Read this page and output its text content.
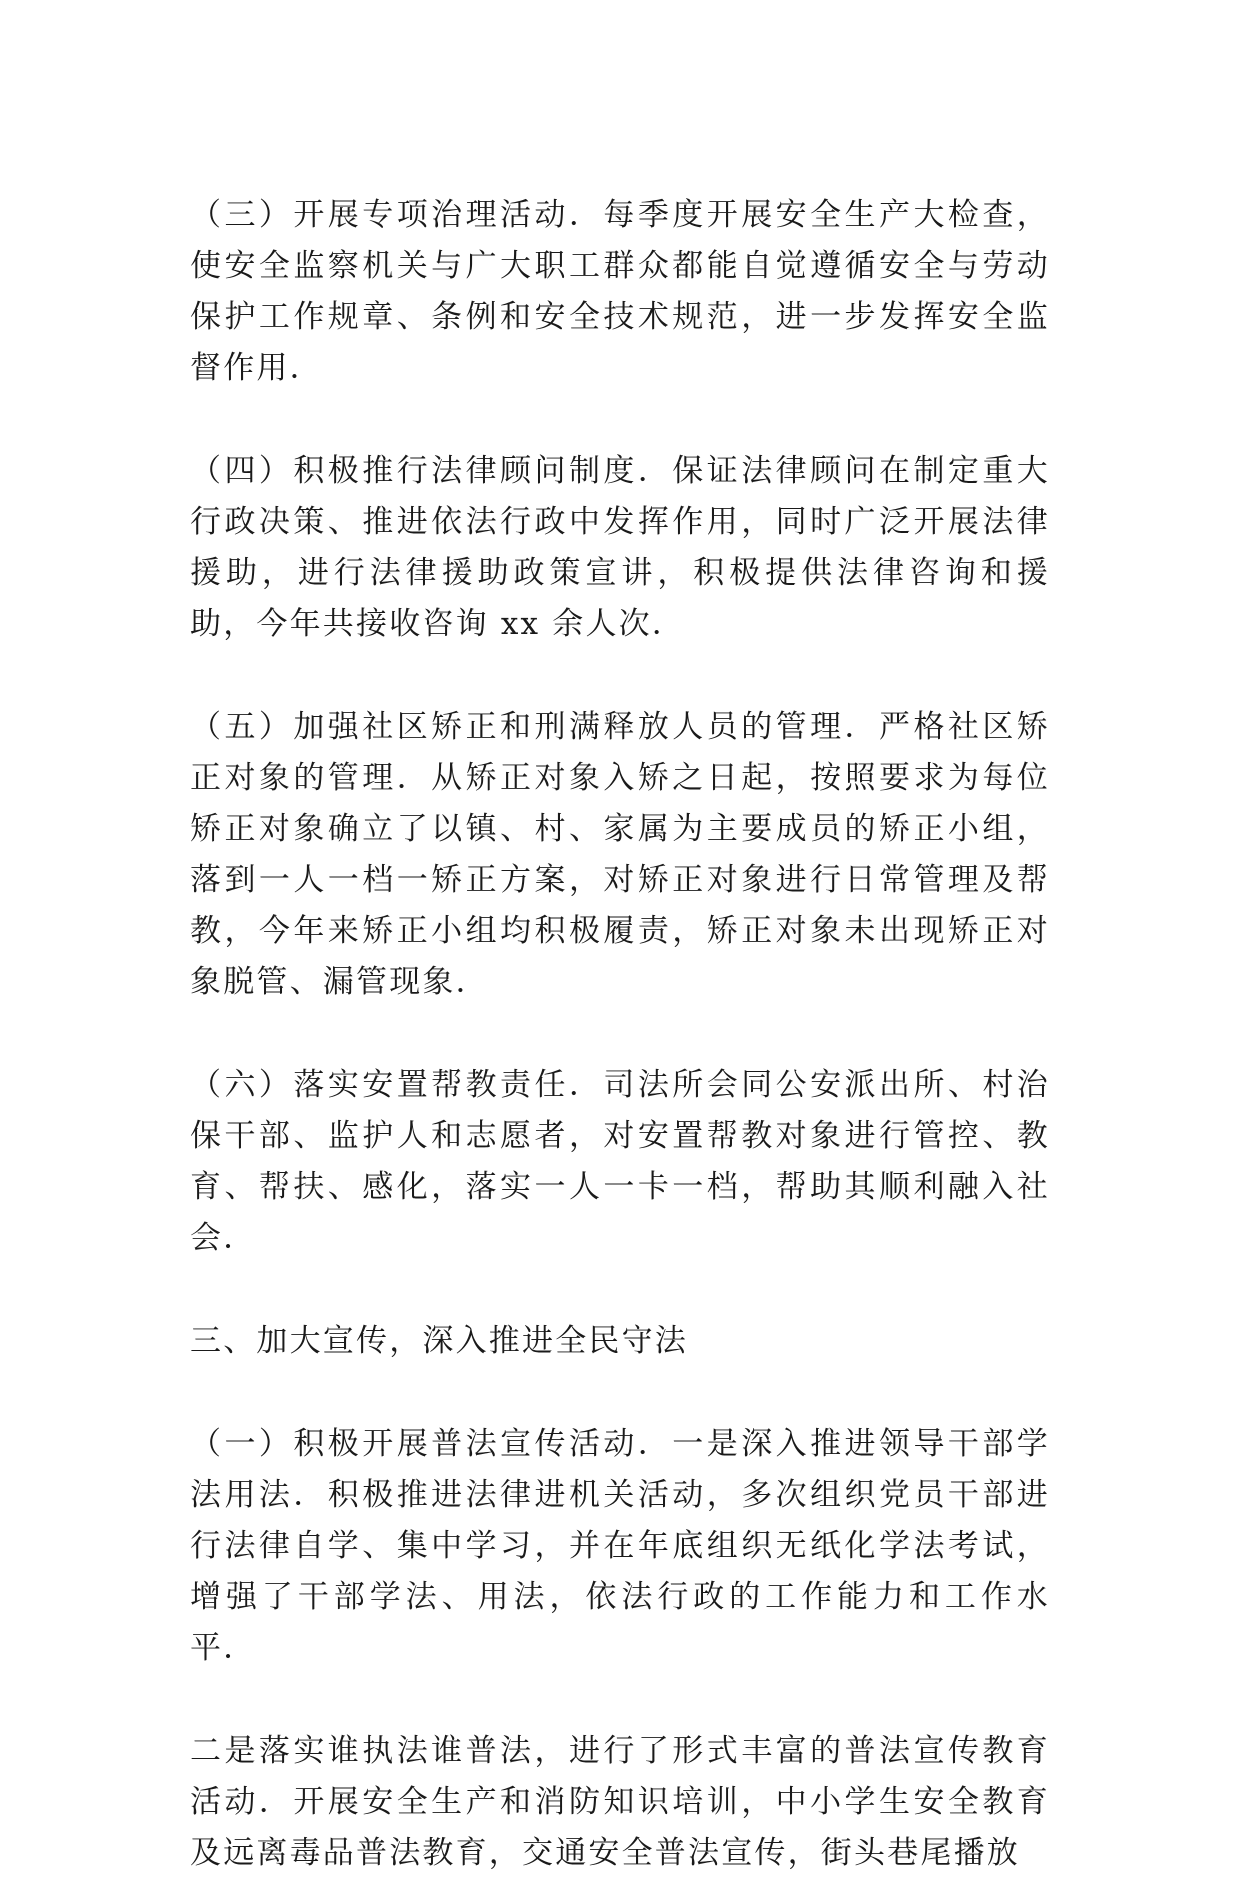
（三）开展专项治理活动．每季度开展安全生产大检查，使安全监察机关与广大职工群众都能自觉遵循安全与劳动保护工作规章、条例和安全技术规范，进一步发挥安全监督作用．

（四）积极推行法律顾问制度．保证法律顾问在制定重大行政决策、推进依法行政中发挥作用，同时广泛开展法律援助，进行法律援助政策宣讲，积极提供法律咨询和援助，今年共接收咨询 xx 余人次．

（五）加强社区矫正和刑满释放人员的管理．严格社区矫正对象的管理．从矫正对象入矫之日起，按照要求为每位矫正对象确立了以镇、村、家属为主要成员的矫正小组，落到一人一档一矫正方案，对矫正对象进行日常管理及帮教，今年来矫正小组均积极履责，矫正对象未出现矫正对象脱管、漏管现象．

（六）落实安置帮教责任．司法所会同公安派出所、村治保干部、监护人和志愿者，对安置帮教对象进行管控、教育、帮扶、感化，落实一人一卡一档，帮助其顺利融入社会．

三、加大宣传，深入推进全民守法

（一）积极开展普法宣传活动．一是深入推进领导干部学法用法．积极推进法律进机关活动，多次组织党员干部进行法律自学、集中学习，并在年底组织无纸化学法考试，增强了干部学法、用法，依法行政的工作能力和工作水平．

二是落实谁执法谁普法，进行了形式丰富的普法宣传教育活动．开展安全生产和消防知识培训，中小学生安全教育及远离毒品普法教育，交通安全普法宣传，街头巷尾播放
